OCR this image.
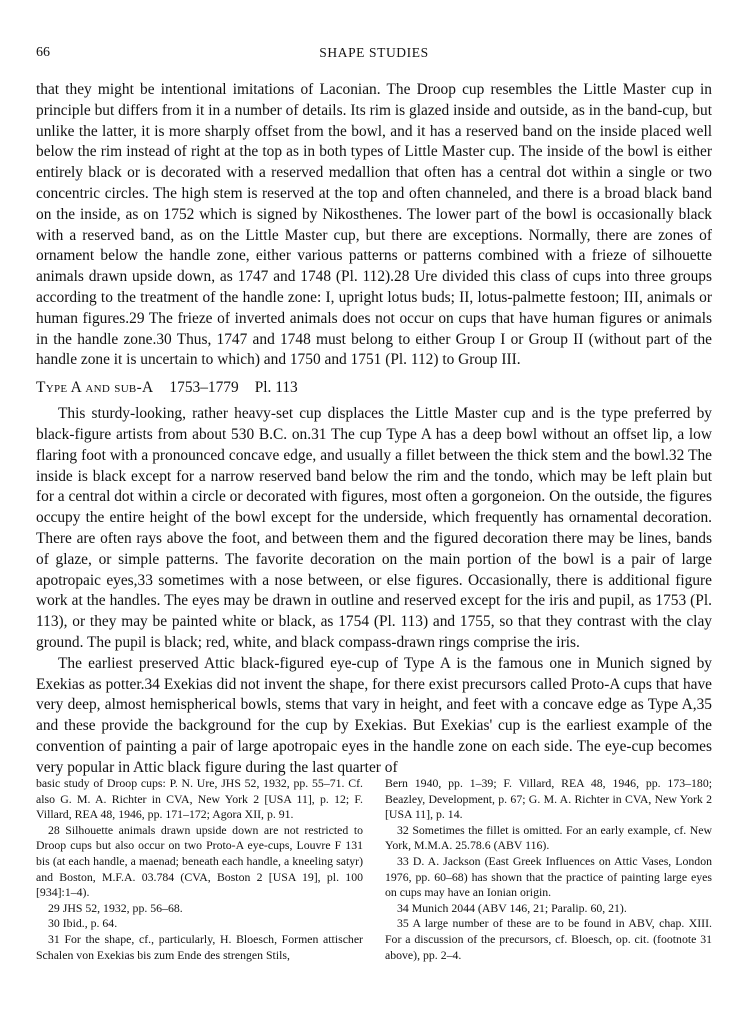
66	SHAPE STUDIES

that they might be intentional imitations of Laconian. The Droop cup resembles the Little Master cup in principle but differs from it in a number of details. Its rim is glazed inside and outside, as in the band-cup, but unlike the latter, it is more sharply offset from the bowl, and it has a reserved band on the inside placed well below the rim instead of right at the top as in both types of Little Master cup. The inside of the bowl is either entirely black or is decorated with a reserved medallion that often has a central dot within a single or two concentric circles. The high stem is reserved at the top and often channeled, and there is a broad black band on the inside, as on 1752 which is signed by Nikosthenes. The lower part of the bowl is occasionally black with a reserved band, as on the Little Master cup, but there are exceptions. Normally, there are zones of ornament below the handle zone, either various patterns or patterns combined with a frieze of silhouette animals drawn upside down, as 1747 and 1748 (Pl. 112).28 Ure divided this class of cups into three groups according to the treatment of the handle zone: I, upright lotus buds; II, lotus-palmette festoon; III, animals or human figures.29 The frieze of inverted animals does not occur on cups that have human figures or animals in the handle zone.30 Thus, 1747 and 1748 must belong to either Group I or Group II (without part of the handle zone it is uncertain to which) and 1750 and 1751 (Pl. 112) to Group III.

Type A and sub-A 1753–1779 Pl. 113

This sturdy-looking, rather heavy-set cup displaces the Little Master cup and is the type preferred by black-figure artists from about 530 B.C. on.31 The cup Type A has a deep bowl without an offset lip, a low flaring foot with a pronounced concave edge, and usually a fillet between the thick stem and the bowl.32 The inside is black except for a narrow reserved band below the rim and the tondo, which may be left plain but for a central dot within a circle or decorated with figures, most often a gorgoneion. On the outside, the figures occupy the entire height of the bowl except for the underside, which frequently has ornamental decoration. There are often rays above the foot, and between them and the figured decoration there may be lines, bands of glaze, or simple patterns. The favorite decoration on the main portion of the bowl is a pair of large apotropaic eyes,33 sometimes with a nose between, or else figures. Occasionally, there is additional figure work at the handles. The eyes may be drawn in outline and reserved except for the iris and pupil, as 1753 (Pl. 113), or they may be painted white or black, as 1754 (Pl. 113) and 1755, so that they contrast with the clay ground. The pupil is black; red, white, and black compass-drawn rings comprise the iris.

The earliest preserved Attic black-figured eye-cup of Type A is the famous one in Munich signed by Exekias as potter.34 Exekias did not invent the shape, for there exist precursors called Proto-A cups that have very deep, almost hemispherical bowls, stems that vary in height, and feet with a concave edge as Type A,35 and these provide the background for the cup by Exekias. But Exekias' cup is the earliest example of the convention of painting a pair of large apotropaic eyes in the handle zone on each side. The eye-cup becomes very popular in Attic black figure during the last quarter of

basic study of Droop cups: P. N. Ure, JHS 52, 1932, pp. 55–71. Cf. also G. M. A. Richter in CVA, New York 2 [USA 11], p. 12; F. Villard, REA 48, 1946, pp. 171–172; Agora XII, p. 91.

28 Silhouette animals drawn upside down are not restricted to Droop cups but also occur on two Proto-A eye-cups, Louvre F 131 bis (at each handle, a maenad; beneath each handle, a kneeling satyr) and Boston, M.F.A. 03.784 (CVA, Boston 2 [USA 19], pl. 100 [934]:1–4).

29 JHS 52, 1932, pp. 56–68.

30 Ibid., p. 64.

31 For the shape, cf., particularly, H. Bloesch, Formen attischer Schalen von Exekias bis zum Ende des strengen Stils,

Bern 1940, pp. 1–39; F. Villard, REA 48, 1946, pp. 173–180; Beazley, Development, p. 67; G. M. A. Richter in CVA, New York 2 [USA 11], p. 14.

32 Sometimes the fillet is omitted. For an early example, cf. New York, M.M.A. 25.78.6 (ABV 116).

33 D. A. Jackson (East Greek Influences on Attic Vases, London 1976, pp. 60–68) has shown that the practice of painting large eyes on cups may have an Ionian origin.

34 Munich 2044 (ABV 146, 21; Paralip. 60, 21).

35 A large number of these are to be found in ABV, chap. XIII. For a discussion of the precursors, cf. Bloesch, op. cit. (footnote 31 above), pp. 2–4.
